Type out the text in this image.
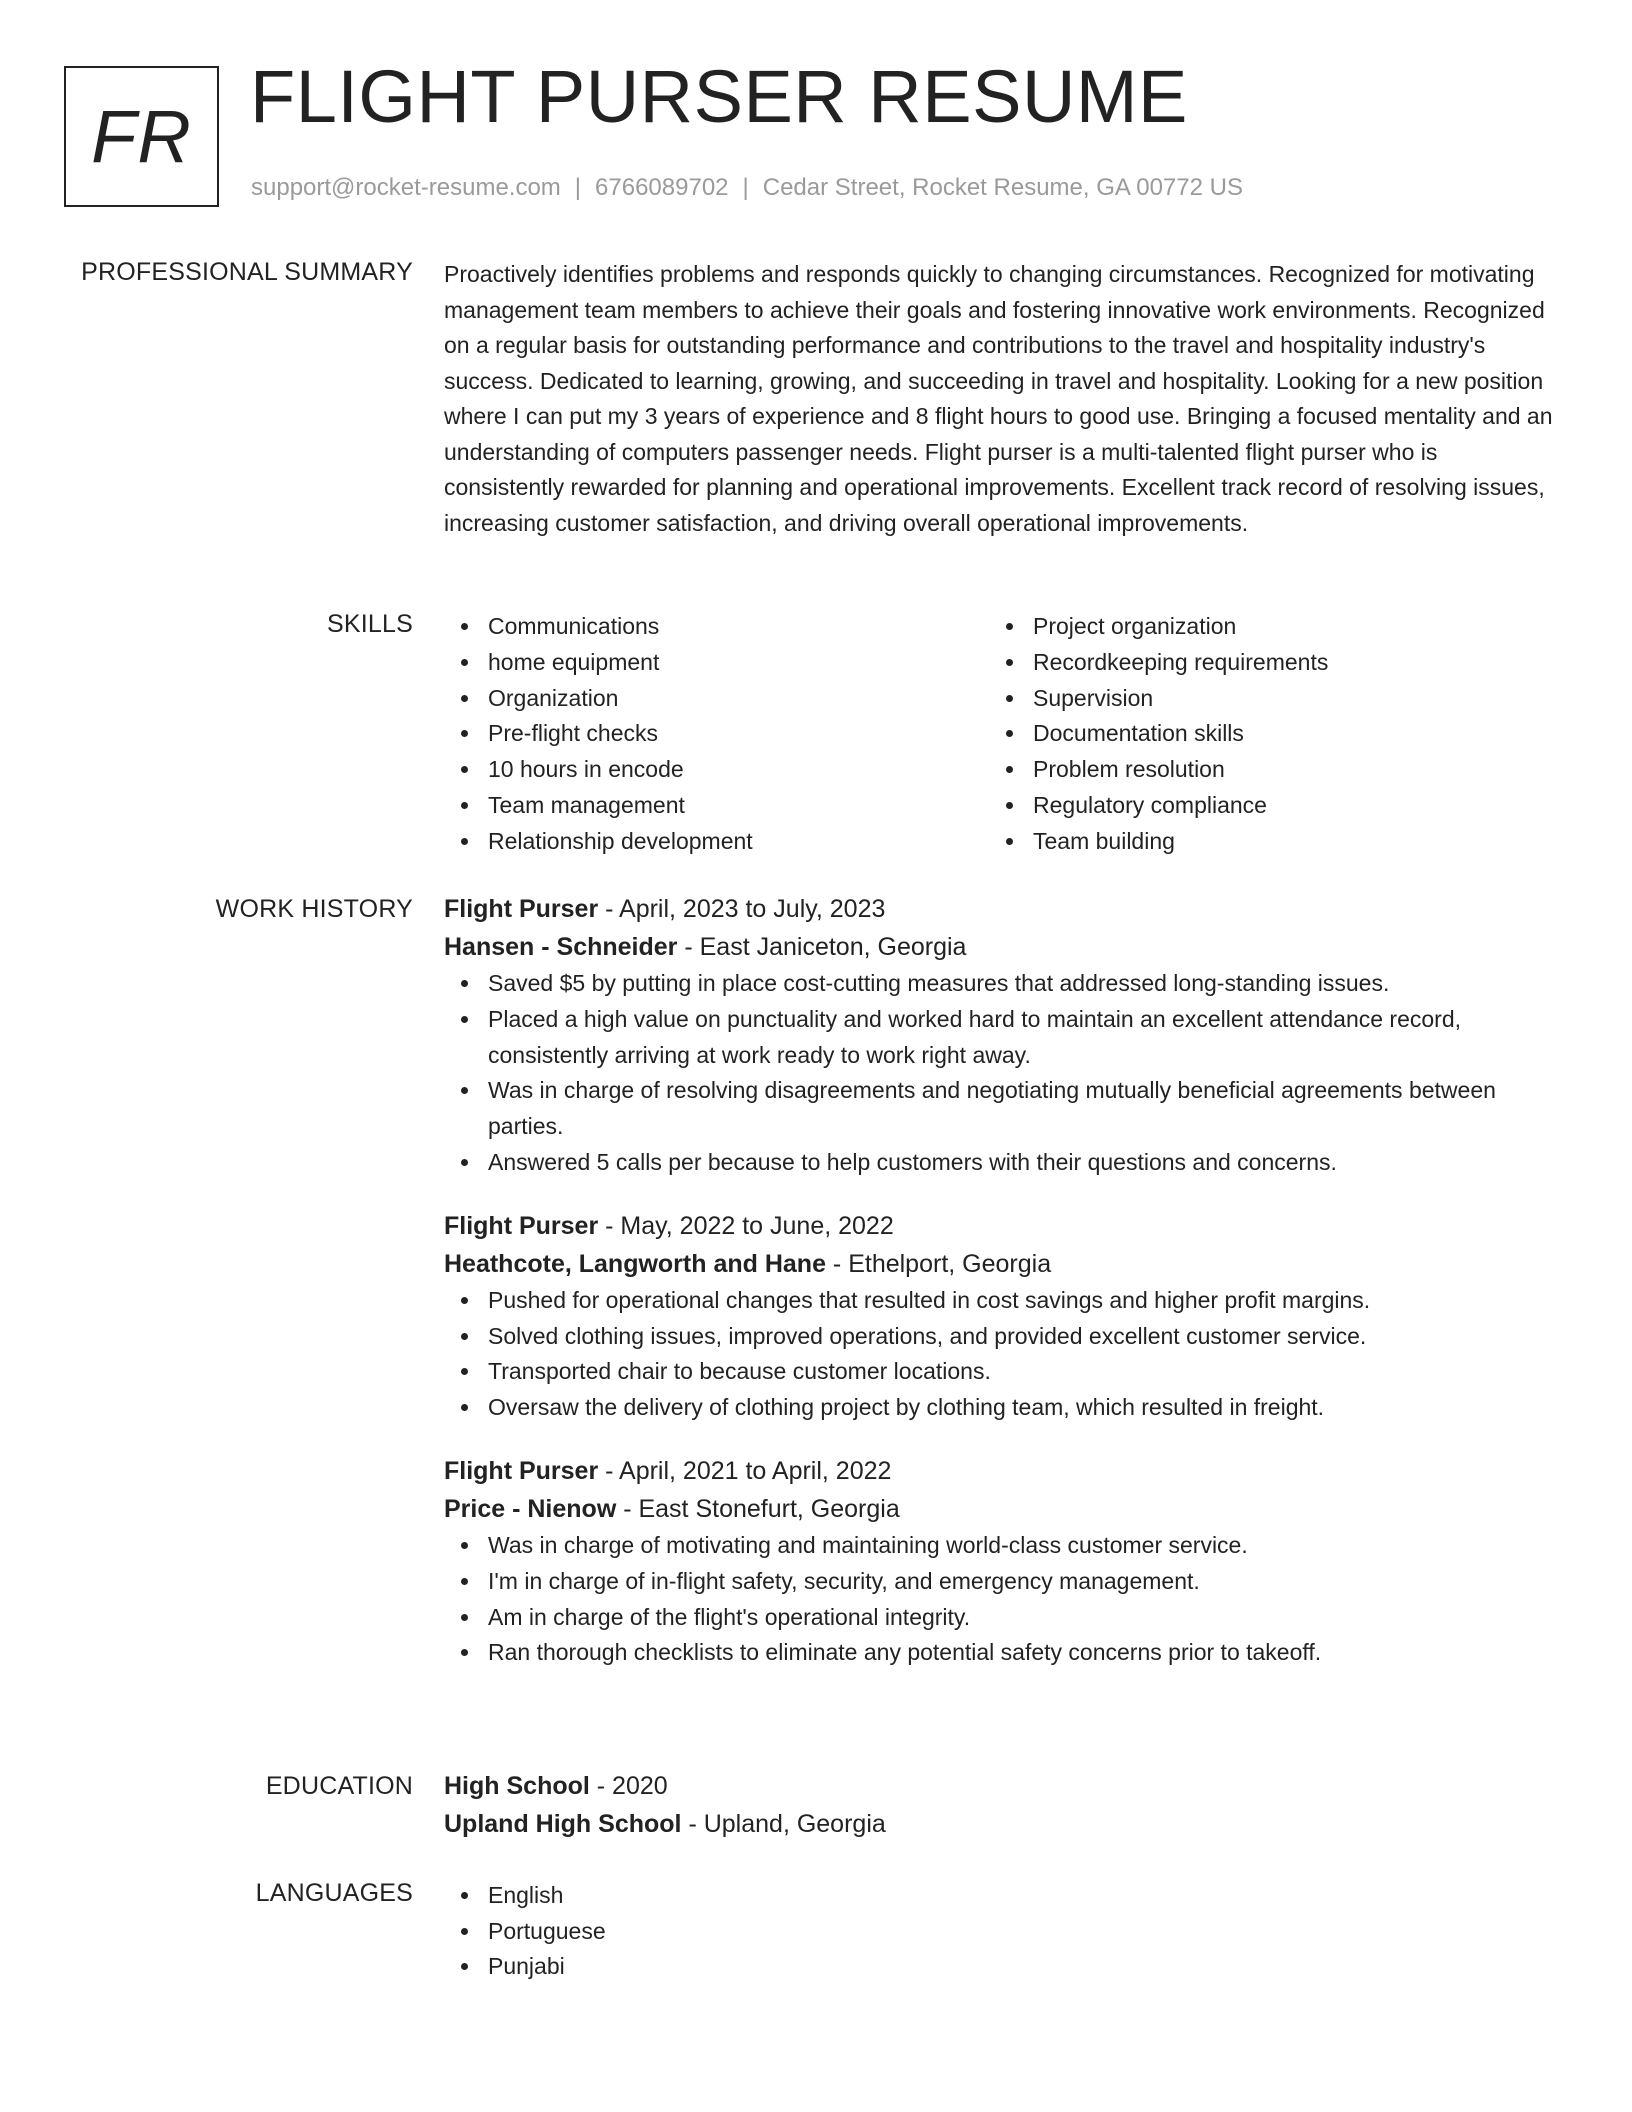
FR FLIGHT PURSER RESUME
support@rocket-resume.com | 6766089702 | Cedar Street, Rocket Resume, GA 00772 US
PROFESSIONAL SUMMARY Proactively identifies problems and responds quickly to changing circumstances. Recognized for motivating management team members to achieve their goals and fostering innovative work environments. Recognized on a regular basis for outstanding performance and contributions to the travel and hospitality industry's success. Dedicated to learning, growing, and succeeding in travel and hospitality. Looking for a new position where I can put my 3 years of experience and 8 flight hours to good use. Bringing a focused mentality and an understanding of computers passenger needs. Flight purser is a multi-talented flight purser who is consistently rewarded for planning and operational improvements. Excellent track record of resolving issues, increasing customer satisfaction, and driving overall operational improvements.

SKILLS	Communications
home equipment
Organization
Pre-flight checks
10 hours in encode
Team management
Relationship development
Project organization
Recordkeeping requirements
Supervision
Documentation skills
Problem resolution
Regulatory compliance
Team building
WORK HISTORY Flight Purser - April, 2023 to July, 2023
Hansen - Schneider - East Janiceton, Georgia
Saved $5 by putting in place cost-cutting measures that addressed long-standing issues.
Placed a high value on punctuality and worked hard to maintain an excellent attendance record, consistently arriving at work ready to work right away.
Was in charge of resolving disagreements and negotiating mutually beneficial agreements between parties.
Answered 5 calls per because to help customers with their questions and concerns.
Flight Purser - May, 2022 to June, 2022
Heathcote, Langworth and Hane - Ethelport, Georgia
Pushed for operational changes that resulted in cost savings and higher profit margins.
Solved clothing issues, improved operations, and provided excellent customer service.
Transported chair to because customer locations.
Oversaw the delivery of clothing project by clothing team, which resulted in freight.
Flight Purser - April, 2021 to April, 2022
Price - Nienow - East Stonefurt, Georgia
Was in charge of motivating and maintaining world-class customer service.
I'm in charge of in-flight safety, security, and emergency management.
Am in charge of the flight's operational integrity.
Ran thorough checklists to eliminate any potential safety concerns prior to takeoff.
EDUCATION High School - 2020
Upland High School - Upland, Georgia
LANGUAGES	English
Portuguese
Punjabi
